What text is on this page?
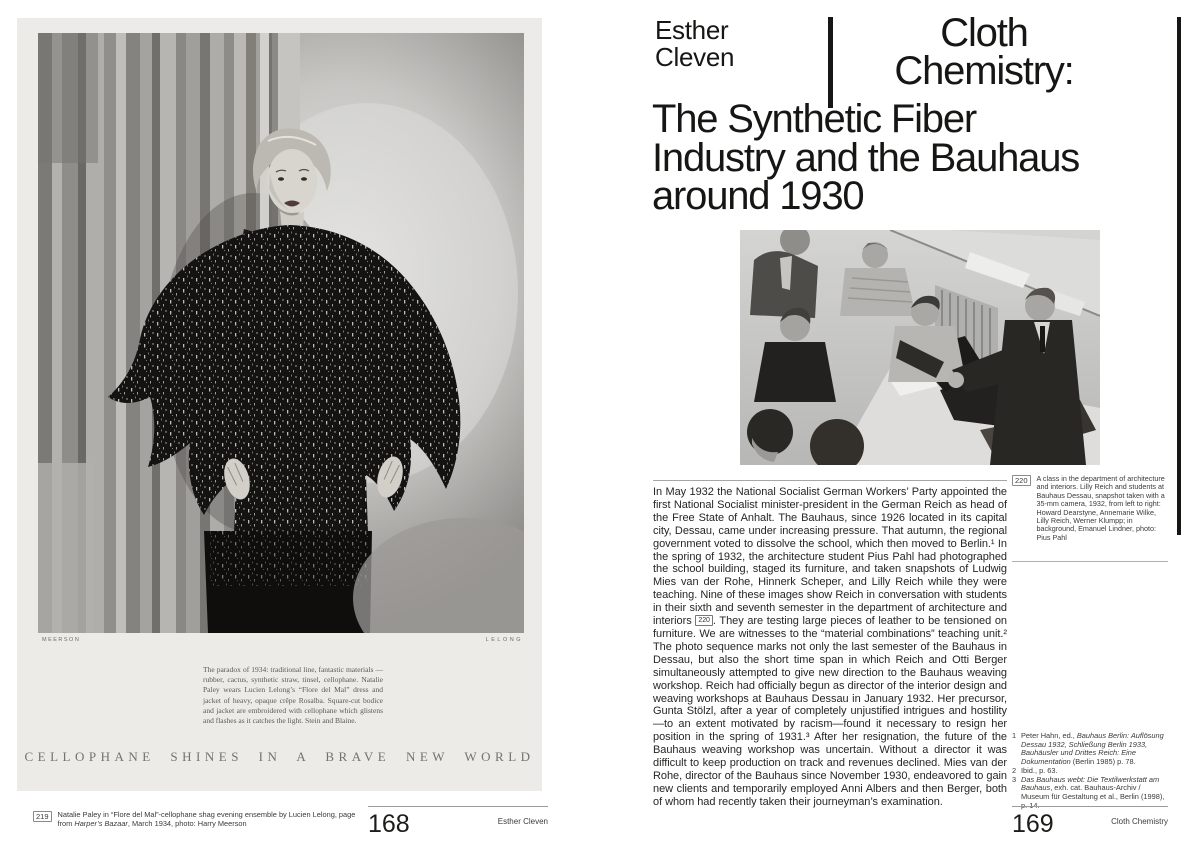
MEERSON	LELONG

The paradox of 1934: traditional line, fantastic materials — rubber, cactus, synthetic straw, tinsel, cellophane. Natalie Paley wears Lucien Lelong’s “Flore del Mal” dress and jacket of heavy, opaque crêpe Rosalba. Square-cut bodice and jacket are embroidered with cellophane which glistens and flashes as it catches the light. Stein and Blaine.

CELLOPHANE SHINES IN A BRAVE NEW WORLD
219	Natalie Paley in “Flore del Mal”-cellophane shag evening ensemble by Lucien Lelong, page from Harper’s Bazaar, March 1934, photo: Harry Meerson	168	Esther Cleven
Esther
Cleven
Cloth
Chemistry:
The Synthetic Fiber
Industry and the Bauhaus
around 1930

In May 1932 the National Socialist German Workers’ Party appointed the first National Socialist minister-president in the German Reich as head of the Free State of Anhalt. The Bauhaus, since 1926 located in its capital city, Dessau, came under increasing pressure. That autumn, the regional government voted to dissolve the school, which then moved to Berlin.¹ In the spring of 1932, the architecture student Pius Pahl had photographed the school building, staged its furniture, and taken snapshots of Ludwig Mies van der Rohe, Hinnerk Scheper, and Lilly Reich while they were teaching. Nine of these images show Reich in conversation with students in their sixth and seventh semester in the department of architecture and interiors 220 . They are testing large pieces of leather to be tensioned on furniture. We are witnesses to the “material combinations” teaching unit.² The photo sequence marks not only the last semester of the Bauhaus in Dessau, but also the short time span in which Reich and Otti Berger simultaneously attempted to give new direction to the Bauhaus weaving workshop. Reich had officially begun as director of the interior design and weaving workshops at Bauhaus Dessau in January 1932. Her precursor, Gunta Stölzl, after a year of completely unjustified intrigues and hostility—to an extent motivated by racism—found it necessary to resign her position in the spring of 1931.³ After her resignation, the future of the Bauhaus weaving workshop was uncertain. Without a director it was difficult to keep production on track and revenues declined. Mies van der Rohe, director of the Bauhaus since November 1930, endeavored to gain new clients and temporarily employed Anni Albers and then Berger, both of whom had recently taken their journeyman’s examination.

220	A class in the department of architecture and interiors. Lilly Reich and students at Bauhaus Dessau, snapshot taken with a 35-mm camera, 1932, from left to right: Howard Dearstyne, Annemarie Wilke, Lilly Reich, Werner Klumpp; in background, Emanuel Lindner, photo: Pius Pahl
1 Peter Hahn, ed., Bauhaus Berlin: Auflösung Dessau 1932, Schließung Berlin 1933, Bauhäusler und Drittes Reich: Eine Dokumentation (Berlin 1985) p. 78.
2 Ibid., p. 63.
3 Das Bauhaus webt: Die Textilwerkstatt am Bauhaus, exh. cat. Bauhaus-Archiv / Museum für Gestaltung et al., Berlin (1998), p. 14.
169	Cloth Chemistry
